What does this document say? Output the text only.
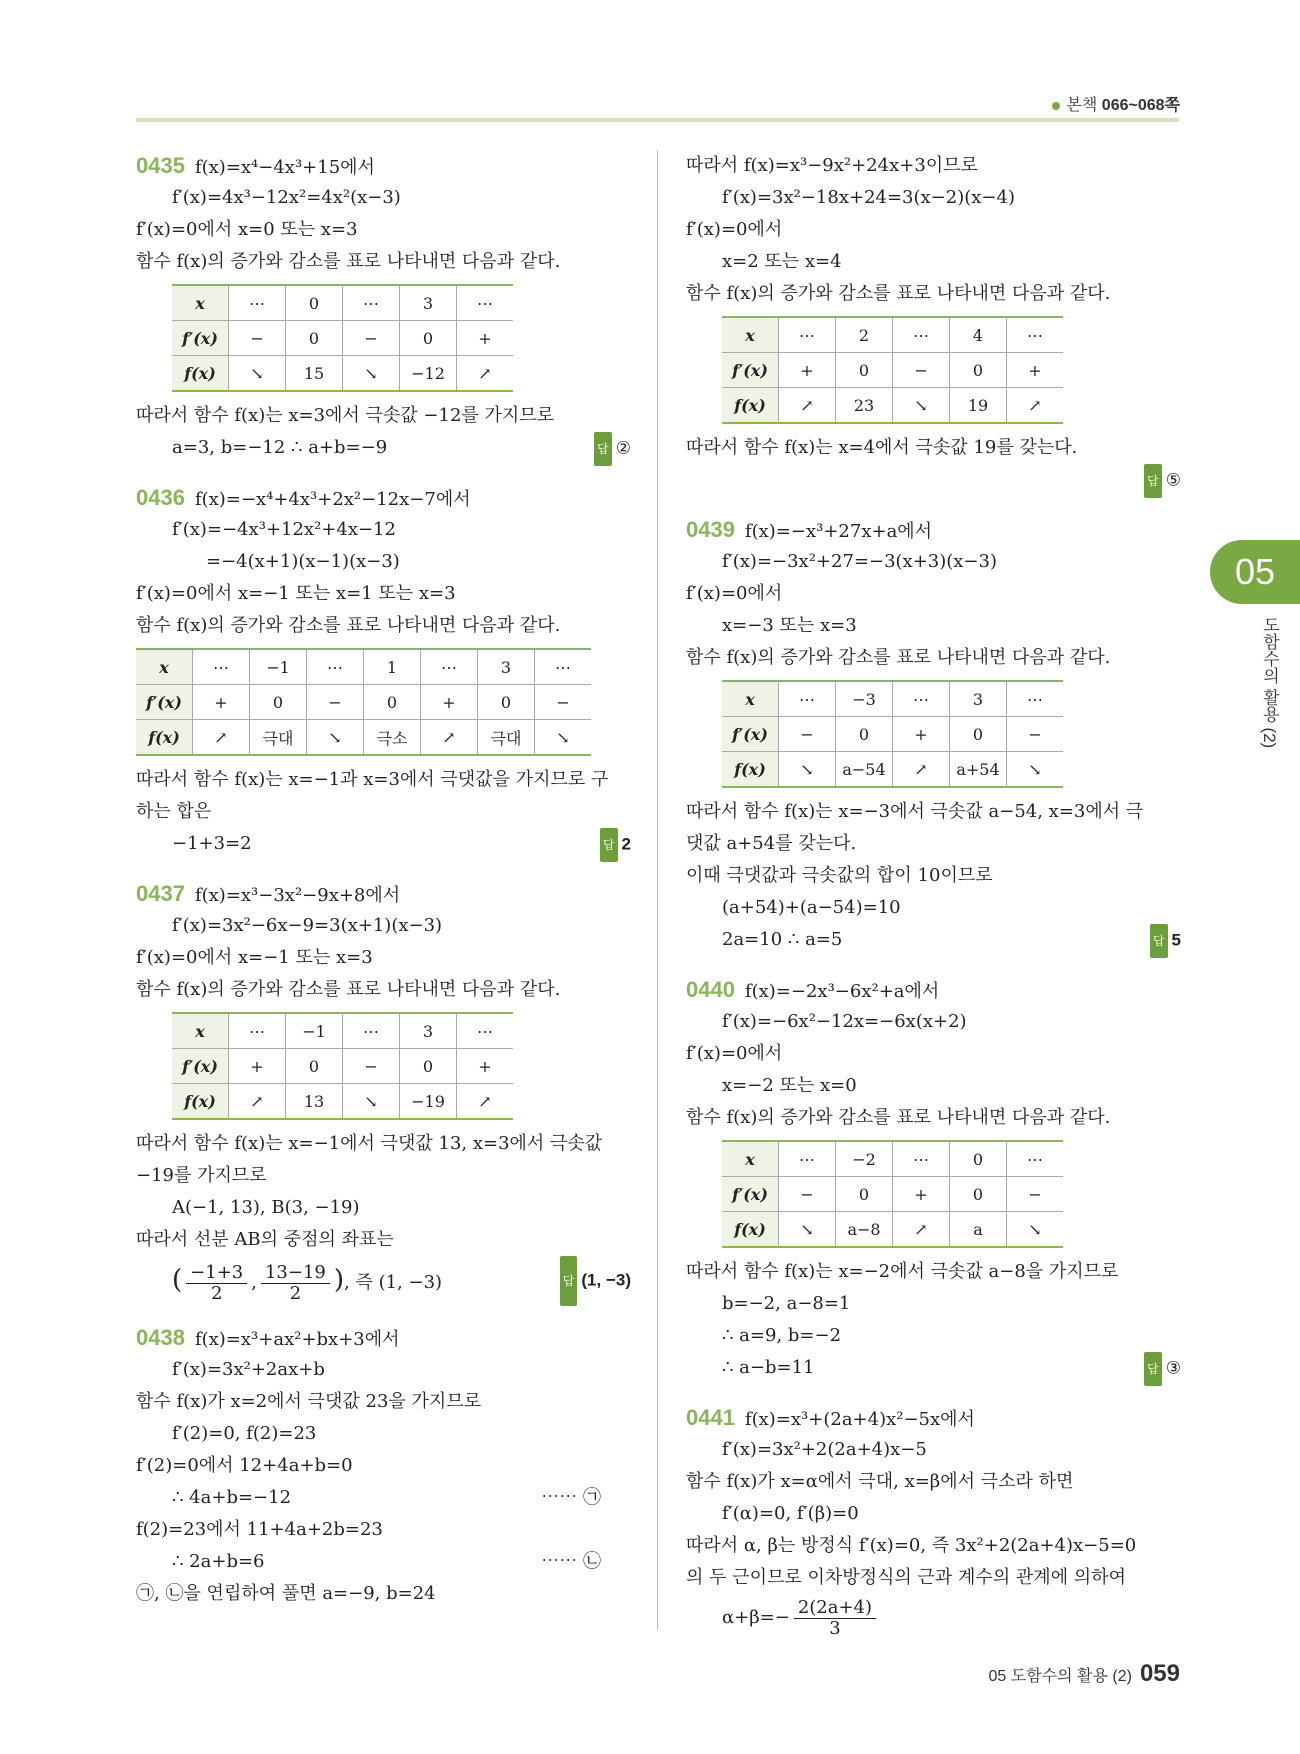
본책 066~068쪽
0435 f(x)=x⁴−4x³+15에서
f′(x)=4x³−12x²=4x²(x−3)
f′(x)=0에서 x=0 또는 x=3
함수 f(x)의 증가와 감소를 표로 나타내면 다음과 같다.
x	⋯	0	⋯	3	⋯
f′(x)	−	0	−	0	+
f(x)	↘	15	↘	−12	↗
따라서 함수 f(x)는 x=3에서 극솟값 −12를 가지므로
a=3, b=−12 ∴ a+b=−9	답 ②
0436 f(x)=−x⁴+4x³+2x²−12x−7에서
f′(x)=−4x³+12x²+4x−12
=−4(x+1)(x−1)(x−3)
f′(x)=0에서 x=−1 또는 x=1 또는 x=3
함수 f(x)의 증가와 감소를 표로 나타내면 다음과 같다.
x	⋯	−1	⋯	1	⋯	3	⋯
f′(x)	+	0	−	0	+	0	−
f(x)	↗	극대	↘	극소	↗	극대	↘
따라서 함수 f(x)는 x=−1과 x=3에서 극댓값을 가지므로 구
하는 합은
−1+3=2	답 2
0437 f(x)=x³−3x²−9x+8에서
f′(x)=3x²−6x−9=3(x+1)(x−3)
f′(x)=0에서 x=−1 또는 x=3
함수 f(x)의 증가와 감소를 표로 나타내면 다음과 같다.
x	⋯	−1	⋯	3	⋯
f′(x)	+	0	−	0	+
f(x)	↗	13	↘	−19	↗
따라서 함수 f(x)는 x=−1에서 극댓값 13, x=3에서 극솟값
−19를 가지므로
A(−1, 13), B(3, −19)
따라서 선분 AB의 중점의 좌표는
( $\frac{-1+3}{2}$ , $\frac{13-19}{2}$ ), 즉 (1, −3)	답 (1, −3)
0438 f(x)=x³+ax²+bx+3에서
f′(x)=3x²+2ax+b
함수 f(x)가 x=2에서 극댓값 23을 가지므로
f′(2)=0, f(2)=23
f′(2)=0에서 12+4a+b=0
∴ 4a+b=−12	⋯⋯ ㉠
f(2)=23에서 11+4a+2b=23
∴ 2a+b=6	⋯⋯ ㉡
㉠, ㉡을 연립하여 풀면 a=−9, b=24
따라서 f(x)=x³−9x²+24x+3이므로
f′(x)=3x²−18x+24=3(x−2)(x−4)
f′(x)=0에서
x=2 또는 x=4
함수 f(x)의 증가와 감소를 표로 나타내면 다음과 같다.
x	⋯	2	⋯	4	⋯
f′(x)	+	0	−	0	+
f(x)	↗	23	↘	19	↗
따라서 함수 f(x)는 x=4에서 극솟값 19를 갖는다.
답 ⑤
0439 f(x)=−x³+27x+a에서
f′(x)=−3x²+27=−3(x+3)(x−3)
f′(x)=0에서
x=−3 또는 x=3
함수 f(x)의 증가와 감소를 표로 나타내면 다음과 같다.
x	⋯	−3	⋯	3	⋯
f′(x)	−	0	+	0	−
f(x)	↘	a−54	↗	a+54	↘
따라서 함수 f(x)는 x=−3에서 극솟값 a−54, x=3에서 극
댓값 a+54를 갖는다.
이때 극댓값과 극솟값의 합이 10이므로
(a+54)+(a−54)=10
2a=10 ∴ a=5	답 5
0440 f(x)=−2x³−6x²+a에서
f′(x)=−6x²−12x=−6x(x+2)
f′(x)=0에서
x=−2 또는 x=0
함수 f(x)의 증가와 감소를 표로 나타내면 다음과 같다.
x	⋯	−2	⋯	0	⋯
f′(x)	−	0	+	0	−
f(x)	↘	a−8	↗	a	↘
따라서 함수 f(x)는 x=−2에서 극솟값 a−8을 가지므로
b=−2, a−8=1
∴ a=9, b=−2
∴ a−b=11	답 ③
0441 f(x)=x³+(2a+4)x²−5x에서
f′(x)=3x²+2(2a+4)x−5
함수 f(x)가 x=α에서 극대, x=β에서 극소라 하면
f′(α)=0, f′(β)=0
따라서 α, β는 방정식 f′(x)=0, 즉 3x²+2(2a+4)x−5=0
의 두 근이므로 이차방정식의 근과 계수의 관계에 의하여
$\alpha+\beta=- \frac{2(2a+4)}{3}$
05
도함수의 활용 (2)
05 도함수의 활용 (2) 059
